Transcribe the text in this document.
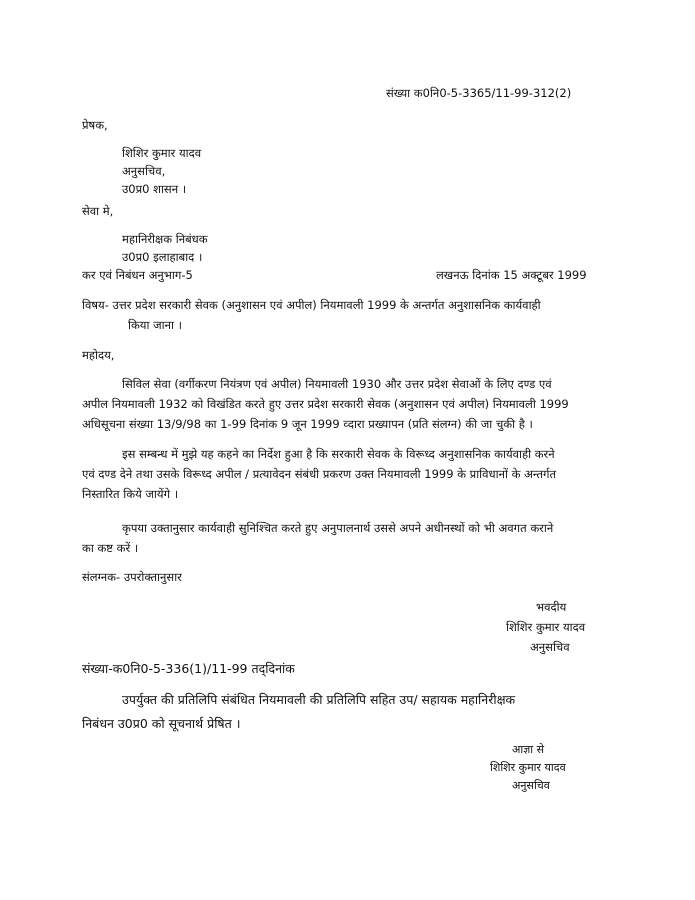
संख्या क0नि0-5-3365/11-99-312(2)
प्रेषक,
शिशिर कुमार यादव
अनुसचिव,
उ0प्र0 शासन ।
सेवा मे,
महानिरीक्षक निबंधक
उ0प्र0 इलाहाबाद ।
कर एवं निबंधन अनुभाग-5	लखनऊ दिनांक 15 अक्टूबर 1999
विषय- उत्तर प्रदेश सरकारी सेवक (अनुशासन एवं अपील) नियमावली 1999 के अन्तर्गत अनुशासनिक कार्यवाही
किया जाना ।
महोदय,
सिविल सेवा (वर्गीकरण नियंत्रण एवं अपील) नियमावली 1930 और उत्तर प्रदेश सेवाओं के लिए दण्ड एवं
अपील नियमावली 1932 को विखंडित करते हुए उत्तर प्रदेश सरकारी सेवक (अनुशासन एवं अपील) नियमावली 1999
अधिसूचना संख्या 13/9/98 का 1-99 दिनांक 9 जून 1999 व्दारा प्रख्यापन (प्रति संलग्न) की जा चुकी है ।
इस सम्बन्ध में मुझे यह कहने का निर्देश हुआ है कि सरकारी सेवक के विरूध्द अनुशासनिक कार्यवाही करने
एवं दण्ड देने तथा उसके विरूध्द अपील / प्रत्यावेदन संबंधी प्रकरण उक्त नियमावली 1999 के प्राविधानों के अन्तर्गत
निस्तारित किये जायेंगे ।
कृपया उक्तानुसार कार्यवाही सुनिश्चित करते हुए अनुपालनार्थ उससे अपने अधीनस्थों को भी अवगत कराने
का कष्ट करें ।
संलग्नक- उपरोक्तानुसार
भवदीय
शिशिर कुमार यादव
अनुसचिव
संख्या-क0नि0-5-336(1)/11-99 तद्‌दिनांक
उपर्युक्त की प्रतिलिपि संबंधित नियमावली की प्रतिलिपि सहित उप/ सहायक महानिरीक्षक
निबंधन उ0प्र0 को सूचनार्थ प्रेषित ।
आज्ञा से
शिशिर कुमार यादव
अनुसचिव
